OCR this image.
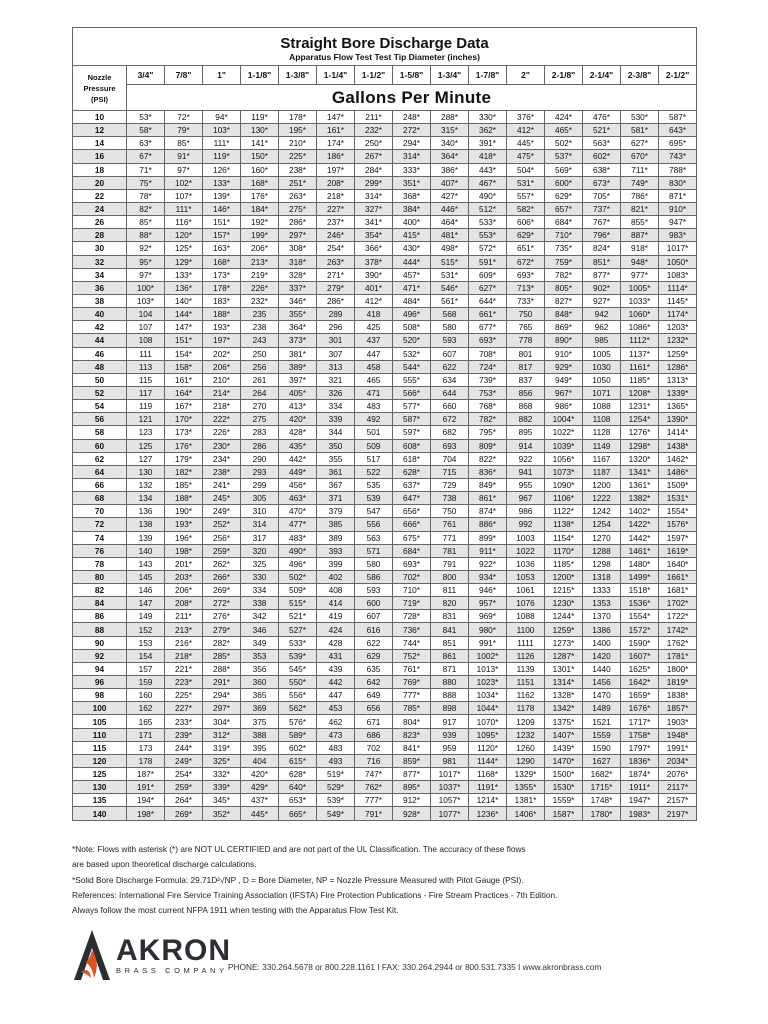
Straight Bore Discharge Data															
Apparatus Flow Test Test Tip Diameter (inches)															

Nozzle
Pressure
(PSI)	3/4"	7/8"	1"	1-1/8"	1-3/8"	1-1/4"	1-1/2"	1-5/8"	1-3/4"	1-7/8"	2"	2-1/8"	2-1/4"	2-3/8"	2-1/2"
	Gallons Per Minute														
10	53*	72*	94*	119*	178*	147*	211*	248*	288*	330*	376*	424*	476*	530*	587*
12	58*	79*	103*	130*	195*	161*	232*	272*	315*	362*	412*	465*	521*	581*	643*
14	63*	85*	111*	141*	210*	174*	250*	294*	340*	391*	445*	502*	563*	627*	695*
16	67*	91*	119*	150*	225*	186*	267*	314*	364*	418*	475*	537*	602*	670*	743*
18	71*	97*	126*	160*	238*	197*	284*	333*	386*	443*	504*	569*	638*	711*	788*
20	75*	102*	133*	168*	251*	208*	299*	351*	407*	467*	531*	600*	673*	749*	830*
22	78*	107*	139*	176*	263*	218*	314*	368*	427*	490*	557*	629*	705*	786*	871*
24	82*	111*	146*	184*	275*	227*	327*	384*	446*	512*	582*	657*	737*	821*	910*
26	85*	116*	151*	192*	286*	237*	341*	400*	464*	533*	606*	684*	767*	855*	947*
28	88*	120*	157*	199*	297*	246*	354*	415*	481*	553*	629*	710*	796*	887*	983*
30	92*	125*	163*	206*	308*	254*	366*	430*	498*	572*	651*	735*	824*	918*	1017*
32	95*	129*	168*	213*	318*	263*	378*	444*	515*	591*	672*	759*	851*	948*	1050*
34	97*	133*	173*	219*	328*	271*	390*	457*	531*	609*	693*	782*	877*	977*	1083*
36	100*	136*	178*	226*	337*	279*	401*	471*	546*	627*	713*	805*	902*	1005*	1114*
38	103*	140*	183*	232*	346*	286*	412*	484*	561*	644*	733*	827*	927*	1033*	1145*
40	104	144*	188*	235	355*	289	418	496*	568	661*	750	848*	942	1060*	1174*
42	107	147*	193*	238	364*	296	425	508*	580	677*	765	869*	962	1086*	1203*
44	108	151*	197*	243	373*	301	437	520*	593	693*	778	890*	985	1112*	1232*
46	111	154*	202*	250	381*	307	447	532*	607	708*	801	910*	1005	1137*	1259*
48	113	158*	206*	256	389*	313	458	544*	622	724*	817	929*	1030	1161*	1286*
50	115	161*	210*	261	397*	321	465	555*	634	739*	837	949*	1050	1185*	1313*
52	117	164*	214*	264	405*	326	471	566*	644	753*	856	967*	1071	1208*	1339*
54	119	167*	218*	270	413*	334	483	577*	660	768*	868	986*	1088	1231*	1365*
56	121	170*	222*	275	420*	339	492	587*	672	782*	882	1004*	1108	1254*	1390*
58	123	173*	226*	283	428*	344	501	597*	682	795*	895	1022*	1128	1276*	1414*
60	125	176*	230*	286	435*	350	509	608*	693	809*	914	1039*	1149	1298*	1438*
62	127	179*	234*	290	442*	355	517	618*	704	822*	922	1056*	1167	1320*	1462*
64	130	182*	238*	293	449*	361	522	628*	715	836*	941	1073*	1187	1341*	1486*
66	132	185*	241*	299	456*	367	535	637*	729	849*	955	1090*	1200	1361*	1509*
68	134	188*	245*	305	463*	371	539	647*	738	861*	967	1106*	1222	1382*	1531*
70	136	190*	249*	310	470*	379	547	656*	750	874*	986	1122*	1242	1402*	1554*
72	138	193*	252*	314	477*	385	556	666*	761	886*	992	1138*	1254	1422*	1576*
74	139	196*	256*	317	483*	389	563	675*	771	899*	1003	1154*	1270	1442*	1597*
76	140	198*	259*	320	490*	393	571	684*	781	911*	1022	1170*	1288	1461*	1619*
78	143	201*	262*	325	496*	399	580	693*	791	922*	1036	1185*	1298	1480*	1640*
80	145	203*	266*	330	502*	402	586	702*	800	934*	1053	1200*	1318	1499*	1661*
82	146	206*	269*	334	509*	408	593	710*	811	946*	1061	1215*	1333	1518*	1681*
84	147	208*	272*	338	515*	414	600	719*	820	957*	1076	1230*	1353	1536*	1702*
86	149	211*	276*	342	521*	419	607	728*	831	969*	1088	1244*	1370	1554*	1722*
88	152	213*	279*	346	527*	424	616	736*	841	980*	1100	1259*	1386	1572*	1742*
90	153	216*	282*	349	533*	428	622	744*	851	991*	1111	1273*	1400	1590*	1762*
92	154	218*	285*	353	539*	431	629	752*	861	1002*	1126	1287*	1420	1607*	1781*
94	157	221*	288*	356	545*	439	635	761*	871	1013*	1139	1301*	1440	1625*	1800*
96	159	223*	291*	360	550*	442	642	769*	880	1023*	1151	1314*	1456	1642*	1819*
98	160	225*	294*	365	556*	447	649	777*	888	1034*	1162	1328*	1470	1659*	1838*
100	162	227*	297*	369	562*	453	656	785*	898	1044*	1178	1342*	1489	1676*	1857*
105	165	233*	304*	375	576*	462	671	804*	917	1070*	1209	1375*	1521	1717*	1903*
110	171	239*	312*	388	589*	473	686	823*	939	1095*	1232	1407*	1559	1758*	1948*
115	173	244*	319*	395	602*	483	702	841*	959	1120*	1260	1439*	1590	1797*	1991*
120	178	249*	325*	404	615*	493	716	859*	981	1144*	1290	1470*	1627	1836*	2034*
125	187*	254*	332*	420*	628*	519*	747*	877*	1017*	1168*	1329*	1500*	1682*	1874*	2076*
130	191*	259*	339*	429*	640*	529*	762*	895*	1037*	1191*	1355*	1530*	1715*	1911*	2117*
135	194*	264*	345*	437*	653*	539*	777*	912*	1057*	1214*	1381*	1559*	1748*	1947*	2157*
140	198*	269*	352*	445*	665*	549*	791*	928*	1077*	1236*	1406*	1587*	1780*	1983*	2197*
*Note: Flows with asterisk (*) are NOT UL CERTIFIED and are not part of the UL Classification. The accuracy of these flows
are based upon theoretical discharge calculations.
*Solid Bore Discharge Formula: 29.71D²√NP , D = Bore Diameter, NP = Nozzle Pressure Measured with Pitot Gauge (PSI).
References: International Fire Service Training Association (IFSTA) Fire Protection Publications - Fire Stream Practices - 7th Edition.
Always follow the most current NFPA 1911 when testing with the Apparatus Flow Test Kit.
AKRON
BRASS COMPANY PHONE: 330.264.5678 or 800.228.1161 I FAX: 330.264.2944 or 800.531.7335 I www.akronbrass.com
